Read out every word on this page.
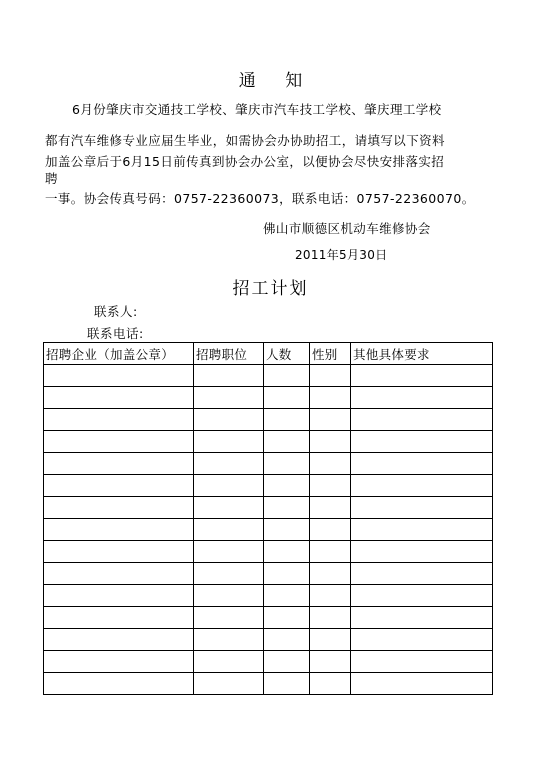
通 知
6月份肇庆市交通技工学校、肇庆市汽车技工学校、肇庆理工学校
都有汽车维修专业应届生毕业，如需协会办协助招工，请填写以下资料
加盖公章后于6月15日前传真到协会办公室，以便协会尽快安排落实招
聘
一事。协会传真号码：0757-22360073，联系电话：0757-22360070。
佛山市顺德区机动车维修协会
2011年5月30日
招工计划
联系人:
联系电话:
招聘企业（加盖公章）	招聘职位	人数	性别	其他具体要求
